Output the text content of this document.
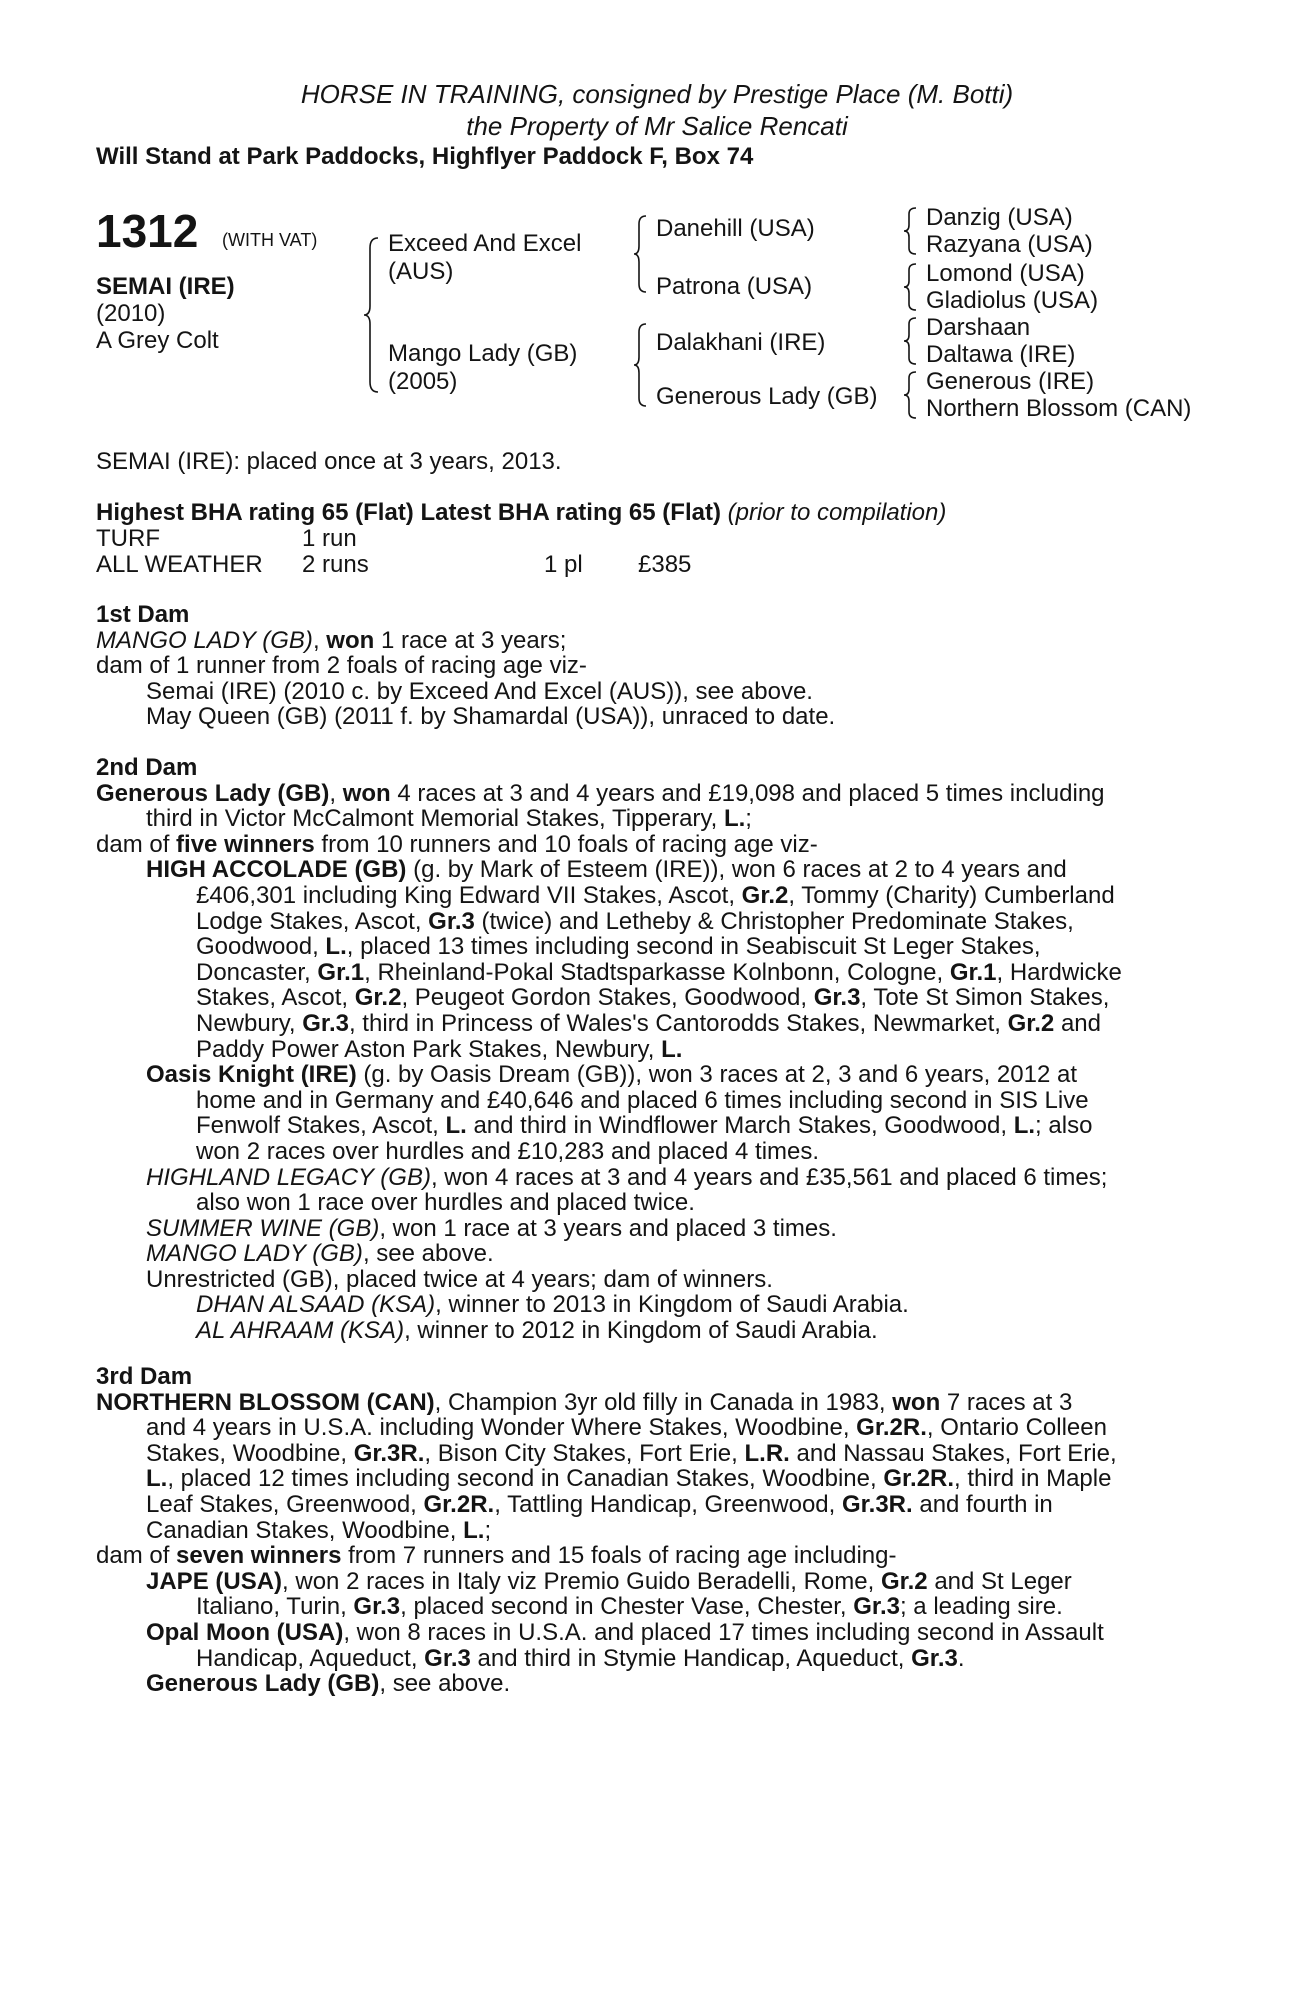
HORSE IN TRAINING, consigned by Prestige Place (M. Botti)
the Property of Mr Salice Rencati
Will Stand at Park Paddocks, Highflyer Paddock F, Box 74
1312 (WITH VAT)
SEMAI (IRE)
(2010)
A Grey Colt
Exceed And Excel (AUS)
Mango Lady (GB) (2005)
Danehill (USA)
Patrona (USA)
Dalakhani (IRE)
Generous Lady (GB)
Danzig (USA)
Razyana (USA)
Lomond (USA)
Gladiolus (USA)
Darshaan
Daltawa (IRE)
Generous (IRE)
Northern Blossom (CAN)
SEMAI (IRE): placed once at 3 years, 2013.
Highest BHA rating 65 (Flat) Latest BHA rating 65 (Flat) (prior to compilation)
TURF	1 run
ALL WEATHER 2 runs	1 pl £385
1st Dam
MANGO LADY (GB), won 1 race at 3 years;
dam of 1 runner from 2 foals of racing age viz-
Semai (IRE) (2010 c. by Exceed And Excel (AUS)), see above.
May Queen (GB) (2011 f. by Shamardal (USA)), unraced to date.
2nd Dam
Generous Lady (GB), won 4 races at 3 and 4 years and £19,098 and placed 5 times including
third in Victor McCalmont Memorial Stakes, Tipperary, L.;
dam of five winners from 10 runners and 10 foals of racing age viz-
HIGH ACCOLADE (GB) (g. by Mark of Esteem (IRE)), won 6 races at 2 to 4 years and
£406,301 including King Edward VII Stakes, Ascot, Gr.2, Tommy (Charity) Cumberland
Lodge Stakes, Ascot, Gr.3 (twice) and Letheby & Christopher Predominate Stakes,
Goodwood, L., placed 13 times including second in Seabiscuit St Leger Stakes,
Doncaster, Gr.1, Rheinland-Pokal Stadtsparkasse Kolnbonn, Cologne, Gr.1, Hardwicke
Stakes, Ascot, Gr.2, Peugeot Gordon Stakes, Goodwood, Gr.3, Tote St Simon Stakes,
Newbury, Gr.3, third in Princess of Wales's Cantorodds Stakes, Newmarket, Gr.2 and
Paddy Power Aston Park Stakes, Newbury, L.
Oasis Knight (IRE) (g. by Oasis Dream (GB)), won 3 races at 2, 3 and 6 years, 2012 at
home and in Germany and £40,646 and placed 6 times including second in SIS Live
Fenwolf Stakes, Ascot, L. and third in Windflower March Stakes, Goodwood, L.; also
won 2 races over hurdles and £10,283 and placed 4 times.
HIGHLAND LEGACY (GB), won 4 races at 3 and 4 years and £35,561 and placed 6 times;
also won 1 race over hurdles and placed twice.
SUMMER WINE (GB), won 1 race at 3 years and placed 3 times.
MANGO LADY (GB), see above.
Unrestricted (GB), placed twice at 4 years; dam of winners.
DHAN ALSAAD (KSA), winner to 2013 in Kingdom of Saudi Arabia.
AL AHRAAM (KSA), winner to 2012 in Kingdom of Saudi Arabia.
3rd Dam
NORTHERN BLOSSOM (CAN), Champion 3yr old filly in Canada in 1983, won 7 races at 3
and 4 years in U.S.A. including Wonder Where Stakes, Woodbine, Gr.2R., Ontario Colleen
Stakes, Woodbine, Gr.3R., Bison City Stakes, Fort Erie, L.R. and Nassau Stakes, Fort Erie,
L., placed 12 times including second in Canadian Stakes, Woodbine, Gr.2R., third in Maple
Leaf Stakes, Greenwood, Gr.2R., Tattling Handicap, Greenwood, Gr.3R. and fourth in
Canadian Stakes, Woodbine, L.;
dam of seven winners from 7 runners and 15 foals of racing age including-
JAPE (USA), won 2 races in Italy viz Premio Guido Beradelli, Rome, Gr.2 and St Leger
Italiano, Turin, Gr.3, placed second in Chester Vase, Chester, Gr.3; a leading sire.
Opal Moon (USA), won 8 races in U.S.A. and placed 17 times including second in Assault
Handicap, Aqueduct, Gr.3 and third in Stymie Handicap, Aqueduct, Gr.3.
Generous Lady (GB), see above.
